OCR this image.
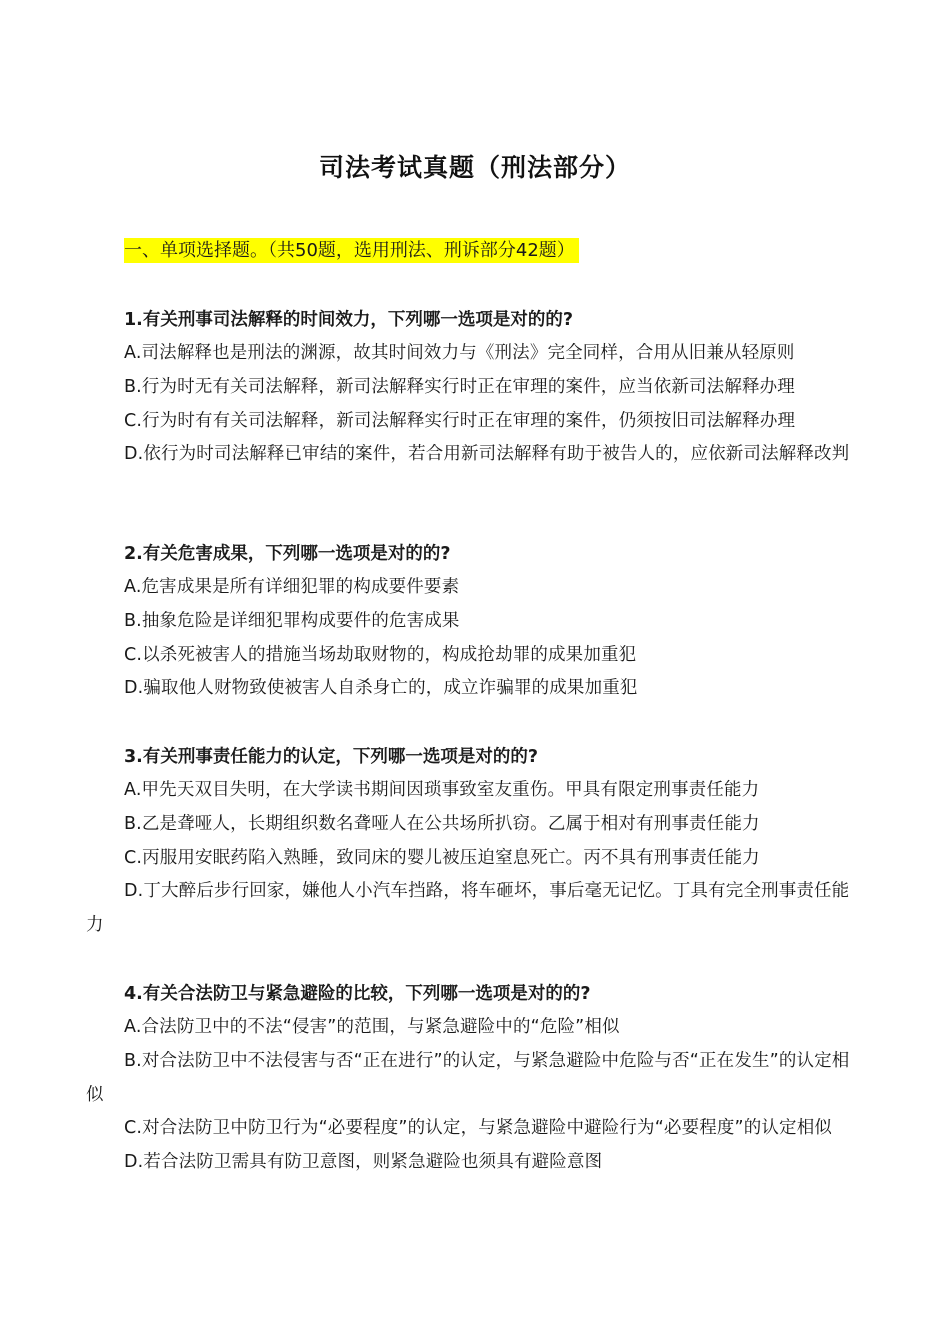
司法考试真题（刑法部分）
一、单项选择题。（共50题，选用刑法、刑诉部分42题）
1.有关刑事司法解释的时间效力，下列哪一选项是对的的?
A.司法解释也是刑法的渊源，故其时间效力与《刑法》完全同样，合用从旧兼从轻原则
B.行为时无有关司法解释，新司法解释实行时正在审理的案件，应当依新司法解释办理
C.行为时有有关司法解释，新司法解释实行时正在审理的案件，仍须按旧司法解释办理
D.依行为时司法解释已审结的案件，若合用新司法解释有助于被告人的，应依新司法解释改判
2.有关危害成果，下列哪一选项是对的的?
A.危害成果是所有详细犯罪的构成要件要素
B.抽象危险是详细犯罪构成要件的危害成果
C.以杀死被害人的措施当场劫取财物的，构成抢劫罪的成果加重犯
D.骗取他人财物致使被害人自杀身亡的，成立诈骗罪的成果加重犯
3.有关刑事责任能力的认定，下列哪一选项是对的的?
A.甲先天双目失明，在大学读书期间因琐事致室友重伤。甲具有限定刑事责任能力
B.乙是聋哑人，长期组织数名聋哑人在公共场所扒窃。乙属于相对有刑事责任能力
C.丙服用安眠药陷入熟睡，致同床的婴儿被压迫窒息死亡。丙不具有刑事责任能力
D.丁大醉后步行回家，嫌他人小汽车挡路，将车砸坏，事后毫无记忆。丁具有完全刑事责任能力
4.有关合法防卫与紧急避险的比较，下列哪一选项是对的的?
A.合法防卫中的不法“侵害”的范围，与紧急避险中的“危险”相似
B.对合法防卫中不法侵害与否“正在进行”的认定，与紧急避险中危险与否“正在发生”的认定相似
C.对合法防卫中防卫行为“必要程度”的认定，与紧急避险中避险行为“必要程度”的认定相似
D.若合法防卫需具有防卫意图，则紧急避险也须具有避险意图
